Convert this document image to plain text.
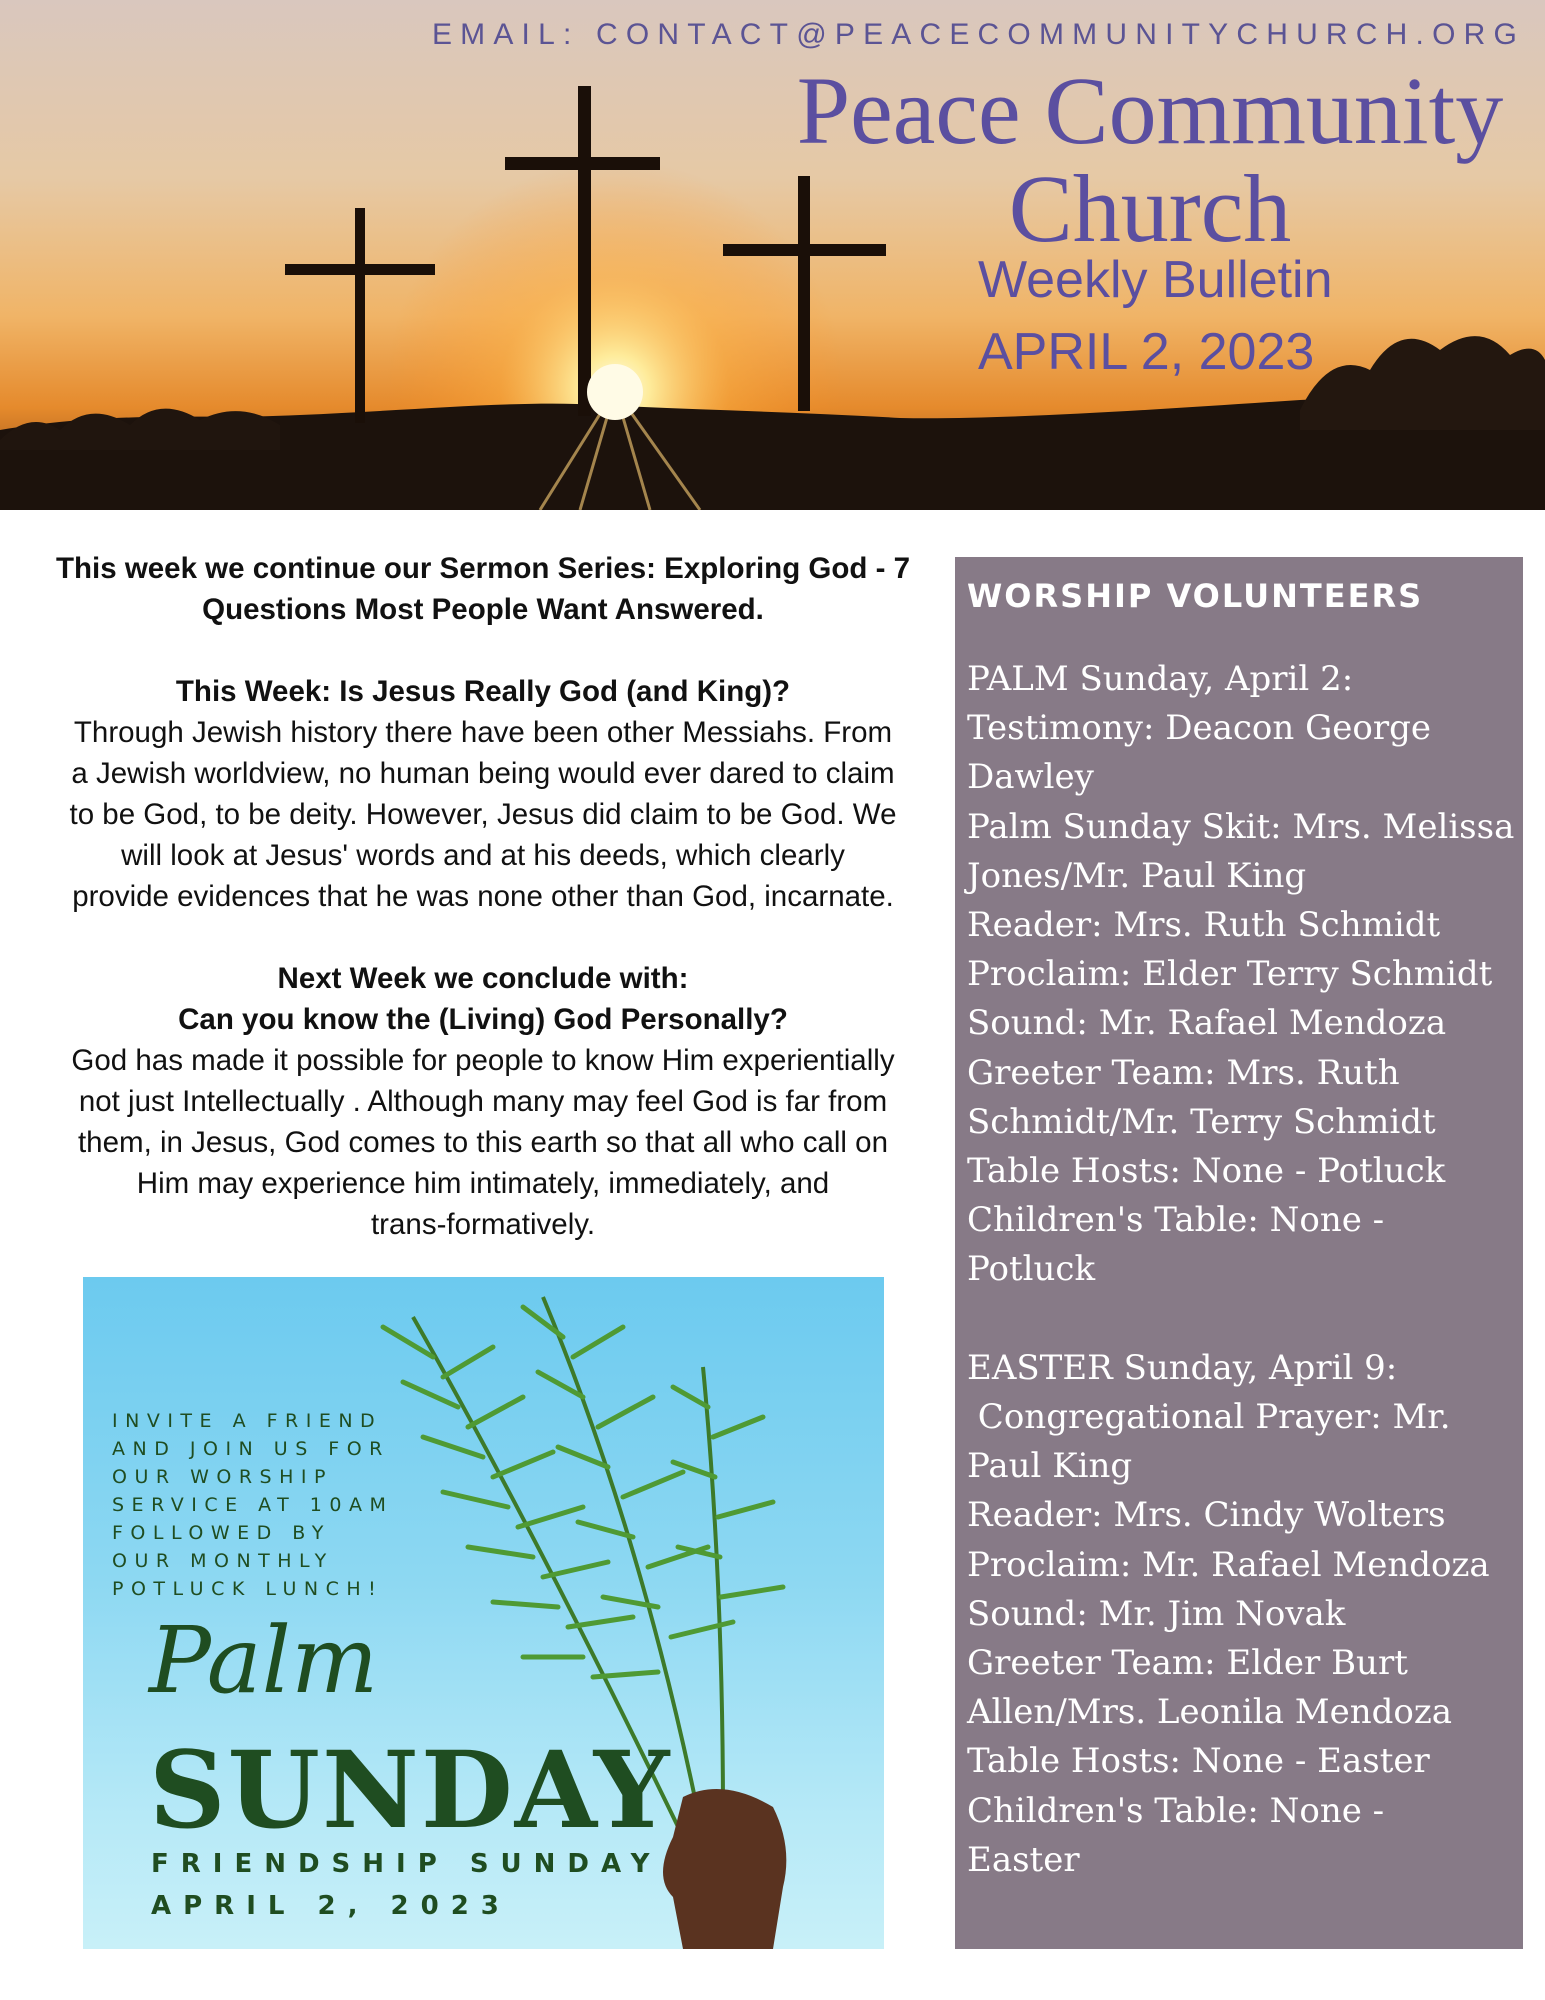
EMAIL: CONTACT@PEACECOMMUNITYCHURCH.ORG
Peace Community
Church
Weekly Bulletin
APRIL 2, 2023

This week we continue our Sermon Series: Exploring God - 7

Questions Most People Want Answered.

This Week: Is Jesus Really God (and King)?

Through Jewish history there have been other Messiahs. From

a Jewish worldview, no human being would ever dared to claim

to be God, to be deity. However, Jesus did claim to be God. We

will look at Jesus' words and at his deeds, which clearly

provide evidences that he was none other than God, incarnate.

Next Week we conclude with:

Can you know the (Living) God Personally?

God has made it possible for people to know Him experientially

not just Intellectually . Although many may feel God is far from

them, in Jesus, God comes to this earth so that all who call on

Him may experience him intimately, immediately, and

trans-formatively.

INVITE A FRIEND
AND JOIN US FOR
OUR WORSHIP
SERVICE AT 10AM
FOLLOWED BY
OUR MONTHLY
POTLUCK LUNCH!
Palm
SUNDAY
FRIENDSHIP SUNDAY
APRIL 2, 2023
WORSHIP VOLUNTEERS

PALM Sunday, April 2:

Testimony: Deacon George

Dawley

Palm Sunday Skit: Mrs. Melissa

Jones/Mr. Paul King

Reader: Mrs. Ruth Schmidt

Proclaim: Elder Terry Schmidt

Sound: Mr. Rafael Mendoza

Greeter Team: Mrs. Ruth

Schmidt/Mr. Terry Schmidt

Table Hosts: None - Potluck

Children's Table: None -

Potluck

EASTER Sunday, April 9:

Congregational Prayer: Mr.

Paul King

Reader: Mrs. Cindy Wolters

Proclaim: Mr. Rafael Mendoza

Sound: Mr. Jim Novak

Greeter Team: Elder Burt

Allen/Mrs. Leonila Mendoza

Table Hosts: None - Easter

Children's Table: None -

Easter
